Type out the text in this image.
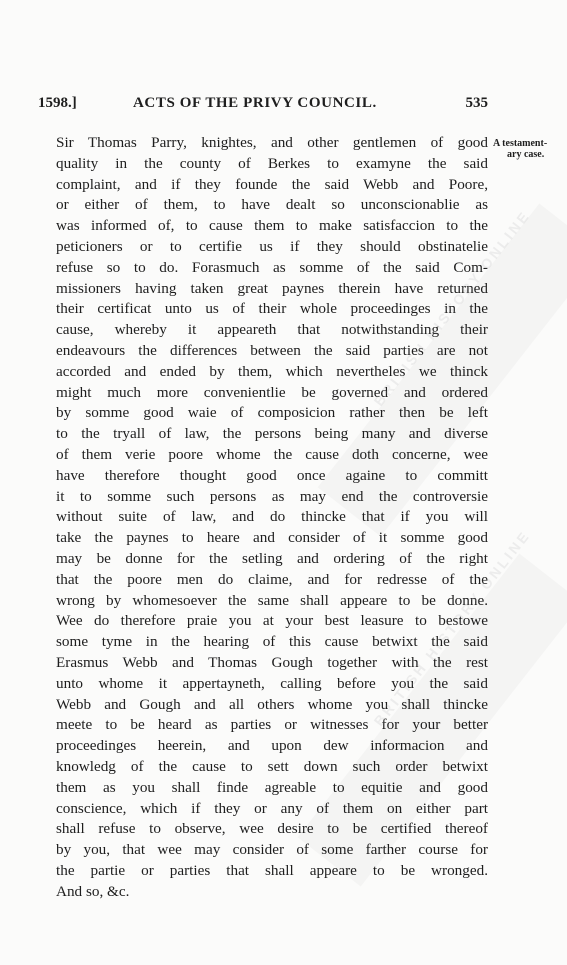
1598.]	ACTS OF THE PRIVY COUNCIL.	535
A testament-
ary case.
Sir Thomas Parry, knightes, and other gentlemen of good
quality in the county of Berkes to examyne the said
complaint, and if they founde the said Webb and Poore,
or either of them, to have dealt so unconscionablie as
was informed of, to cause them to make satisfaccion to the
peticioners or to certifie us if they should obstinatelie
refuse so to do. Forasmuch as somme of the said Com-
missioners having taken great paynes therein have returned
their certificat unto us of their whole proceedinges in the
cause, whereby it appeareth that notwithstanding their
endeavours the differences between the said parties are not
accorded and ended by them, which nevertheles we thinck
might much more convenientlie be governed and ordered
by somme good waie of composicion rather then be left
to the tryall of law, the persons being many and diverse
of them verie poore whome the cause doth concerne, wee
have therefore thought good once againe to committ
it to somme such persons as may end the controversie
without suite of law, and do thincke that if you will
take the paynes to heare and consider of it somme good
may be donne for the setling and ordering of the right
that the poore men do claime, and for redresse of the
wrong by whomesoever the same shall appeare to be donne.
Wee do therefore praie you at your best leasure to bestowe
some tyme in the hearing of this cause betwixt the said
Erasmus Webb and Thomas Gough together with the rest
unto whome it appertayneth, calling before you the said
Webb and Gough and all others whome you shall thincke
meete to be heard as parties or witnesses for your better
proceedinges heerein, and upon dew informacion and
knowledg of the cause to sett down such order betwixt
them as you shall finde agreable to equitie and good
conscience, which if they or any of them on either part
shall refuse to observe, wee desire to be certified thereof
by you, that wee may consider of some farther course for
the partie or parties that shall appeare to be wronged.
And so, &c.
BRITISH HISTORY ONLINE
BRITISH HISTORY ONLINE
